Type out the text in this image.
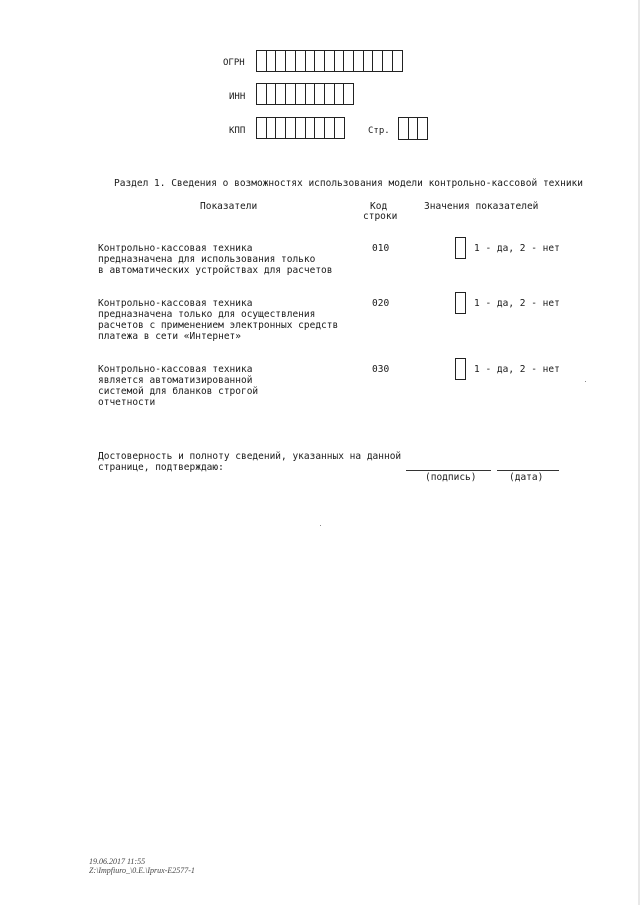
ОГРН
ИНН
КПП	Стр.
Раздел 1. Сведения о возможностях использования модели контрольно-кассовой техники
Показатели	Код
строки
Значения показателей
Контрольно-кассовая техника
предназначена для использования только
в автоматических устройствах для расчетов
010	1 - да, 2 - нет
Контрольно-кассовая техника
предназначена только для осуществления
расчетов с применением электронных средств
платежа в сети «Интернет»
020	1 - да, 2 - нет
Контрольно-кассовая техника
является автоматизированной
системой для бланков строгой
отчетности
030	1 - да, 2 - нет
Достоверность и полноту сведений, указанных на данной
странице, подтверждаю:
(подпись)	(дата)
19.06.2017 11:55
Z:\Impfiuro_\0.E.\Iprux-E2577-1
